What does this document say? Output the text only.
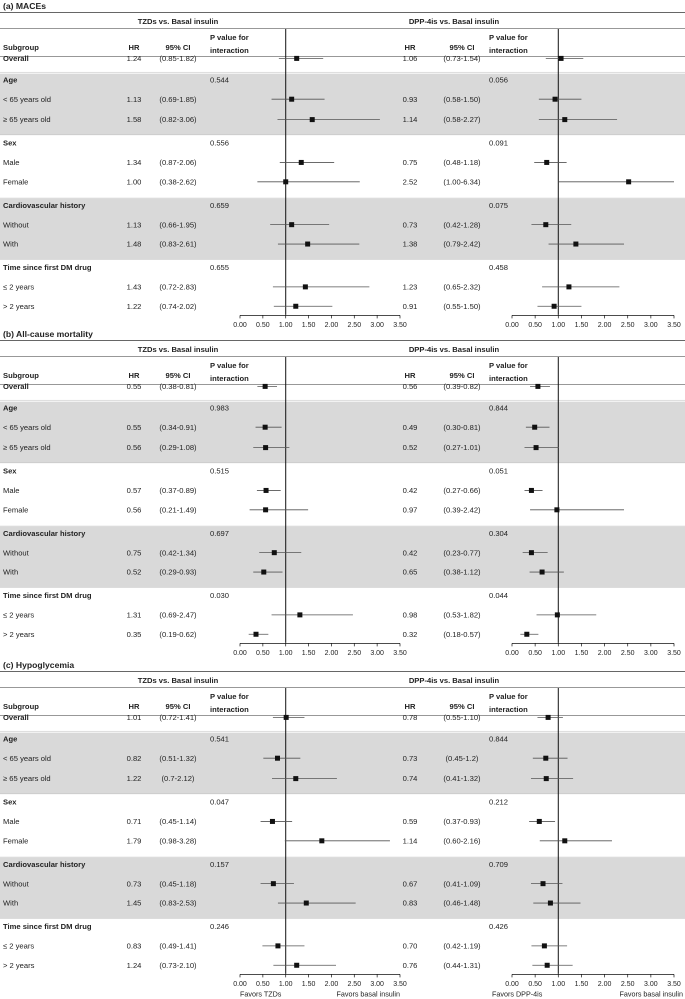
(a) MACEs
TZDs vs. Basal insulin	DPP-4is vs. Basal insulin
Subgroup	HR	95% CI
P value for
interaction	HR	95% CI
P value for
interaction
Overall	1.24 (0.85-1.82)	1.06	(0.73-1.54)
Age	0.544	0.056
< 65 years old	1.13 (0.69-1.85)	0.93	(0.58-1.50)
≥ 65 years old	1.58 (0.82-3.06)	1.14	(0.58-2.27)
Sex	0.556	0.091
Male	1.34 (0.87-2.06)	0.75	(0.48-1.18)
Female	1.00 (0.38-2.62)	2.52	(1.00-6.34)
Cardiovascular history	0.659	0.075
Without	1.13 (0.66-1.95)	0.73	(0.42-1.28)
With	1.48 (0.83-2.61)	1.38	(0.79-2.42)
Time since first DM drug	0.655	0.458
≤ 2 years	1.43 (0.72-2.83)	1.23	(0.65-2.32)
> 2 years	1.22 (0.74-2.02)	0.91	(0.55-1.50)
0.00 0.50 1.00 1.50 2.00 2.50 3.00 3.50	0.00 0.50 1.00 1.50 2.00 2.50 3.00 3.50
(b) All-cause mortality
TZDs vs. Basal insulin	DPP-4is vs. Basal insulin
Subgroup	HR	95% CI
P value for
interaction	HR	95% CI
P value for
interaction
Overall	0.55 (0.38-0.81)	0.56	(0.39-0.82)
Age	0.983	0.844
< 65 years old	0.55 (0.34-0.91)	0.49	(0.30-0.81)
≥ 65 years old	0.56 (0.29-1.08)	0.52	(0.27-1.01)
Sex	0.515	0.051
Male	0.57 (0.37-0.89)	0.42	(0.27-0.66)
Female	0.56 (0.21-1.49)	0.97	(0.39-2.42)
Cardiovascular history	0.697	0.304
Without	0.75 (0.42-1.34)	0.42	(0.23-0.77)
With	0.52 (0.29-0.93)	0.65	(0.38-1.12)
Time since first DM drug	0.030	0.044
≤ 2 years	1.31 (0.69-2.47)	0.98	(0.53-1.82)
> 2 years	0.35 (0.19-0.62)	0.32	(0.18-0.57)
0.00 0.50 1.00 1.50 2.00 2.50 3.00 3.50	0.00 0.50 1.00 1.50 2.00 2.50 3.00 3.50
(c) Hypoglycemia
TZDs vs. Basal insulin	DPP-4is vs. Basal insulin
Subgroup	HR	95% CI
P value for
interaction	HR	95% CI
P value for
interaction
Overall	1.01 (0.72-1.41)	0.78	(0.55-1.10)
Age	0.541	0.844
< 65 years old	0.82 (0.51-1.32)	0.73	(0.45-1.2)
≥ 65 years old	1.22	(0.7-2.12)	0.74	(0.41-1.32)
Sex	0.047	0.212
Male	0.71 (0.45-1.14)	0.59	(0.37-0.93)
Female	1.79 (0.98-3.28)	1.14	(0.60-2.16)
Cardiovascular history	0.157	0.709
Without	0.73 (0.45-1.18)	0.67	(0.41-1.09)
With	1.45 (0.83-2.53)	0.83	(0.46-1.48)
Time since first DM drug	0.246	0.426
≤ 2 years	0.83 (0.49-1.41)	0.70	(0.42-1.19)
> 2 years	1.24 (0.73-2.10)	0.76	(0.44-1.31)
0.00 0.50 1.00 1.50 2.00 2.50 3.00 3.50	0.00 0.50 1.00 1.50 2.00 2.50 3.00 3.50
Favors TZDs	Favors basal insulin	Favors DPP-4is	Favors basal insulin
